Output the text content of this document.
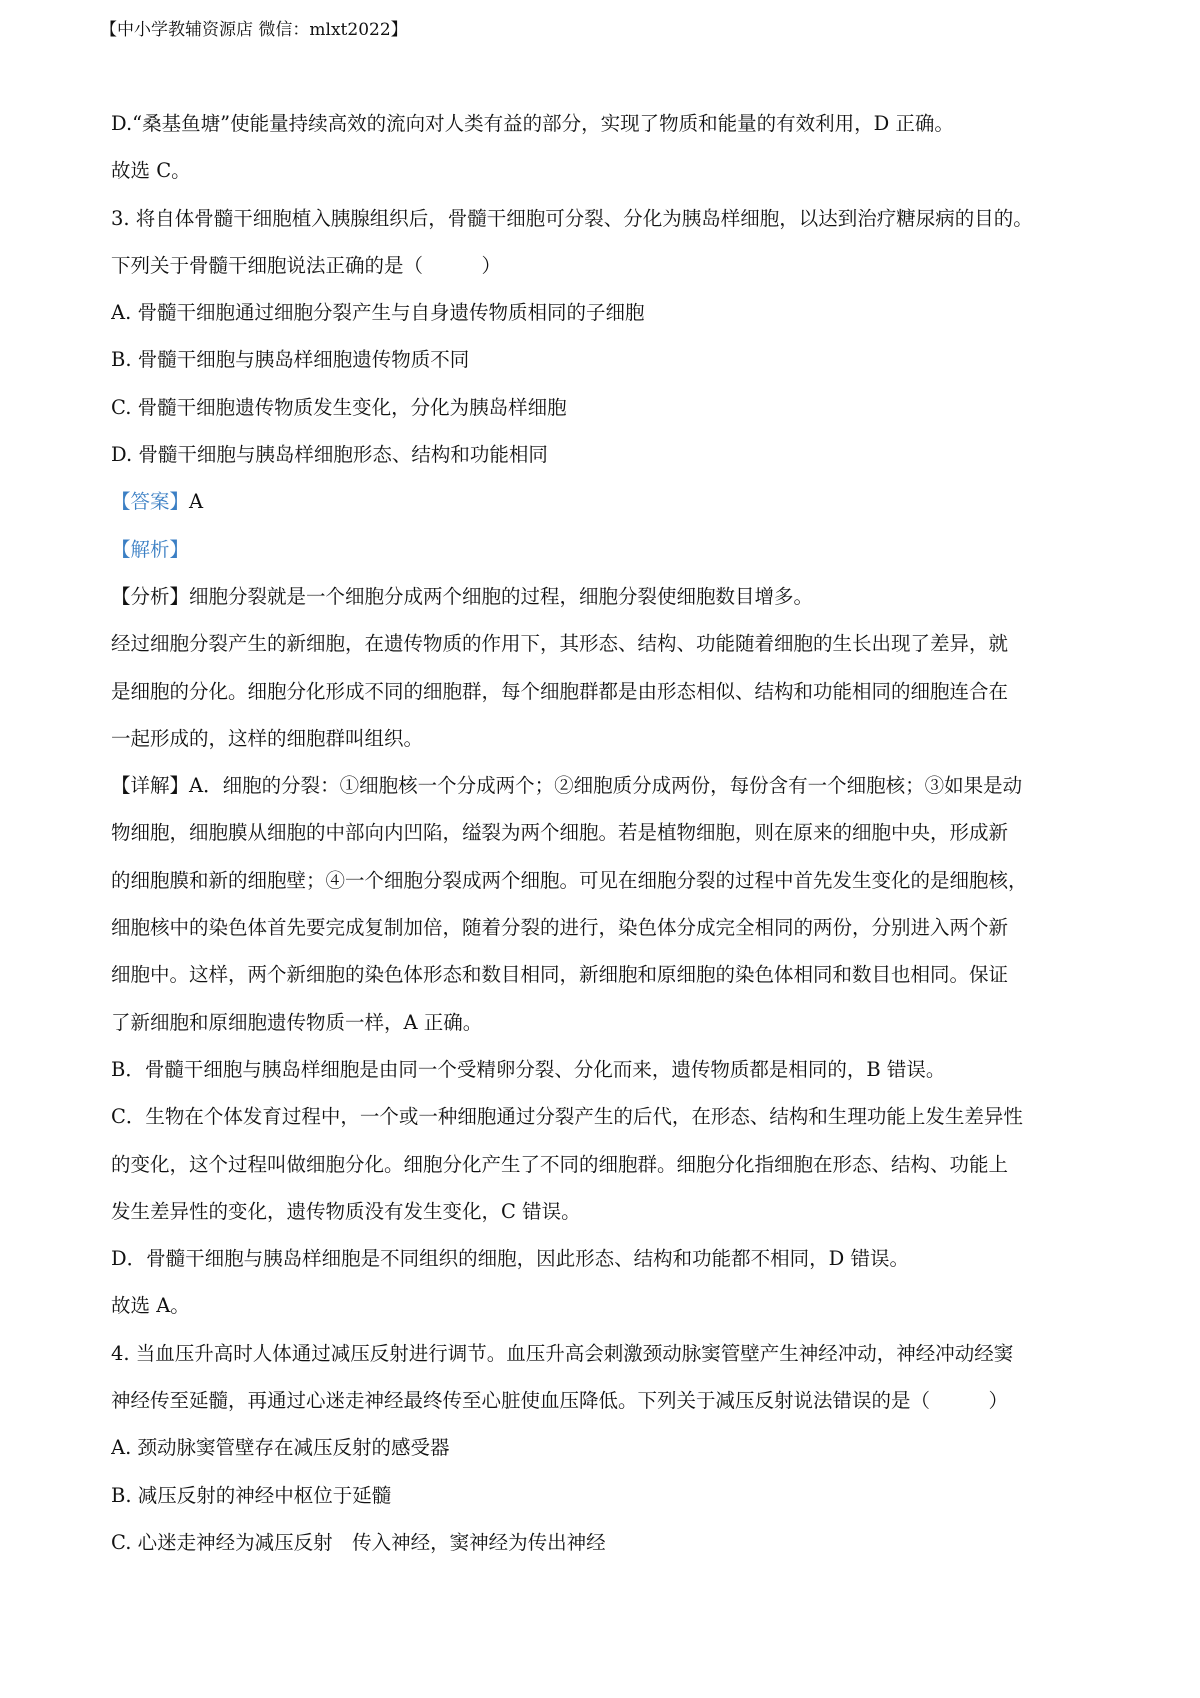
【中小学教辅资源店 微信：mlxt2022】
D.“桑基鱼塘”使能量持续高效的流向对人类有益的部分，实现了物质和能量的有效利用，D 正确。
故选 C。
3. 将自体骨髓干细胞植入胰腺组织后，骨髓干细胞可分裂、分化为胰岛样细胞，以达到治疗糖尿病的目的。
下列关于骨髓干细胞说法正确的是（　　　）
A. 骨髓干细胞通过细胞分裂产生与自身遗传物质相同的子细胞
B. 骨髓干细胞与胰岛样细胞遗传物质不同
C. 骨髓干细胞遗传物质发生变化，分化为胰岛样细胞
D. 骨髓干细胞与胰岛样细胞形态、结构和功能相同
【答案】A
【解析】
【分析】细胞分裂就是一个细胞分成两个细胞的过程，细胞分裂使细胞数目增多。
经过细胞分裂产生的新细胞，在遗传物质的作用下，其形态、结构、功能随着细胞的生长出现了差异，就
是细胞的分化。细胞分化形成不同的细胞群，每个细胞群都是由形态相似、结构和功能相同的细胞连合在
一起形成的，这样的细胞群叫组织。
【详解】A．细胞的分裂：①细胞核一个分成两个；②细胞质分成两份，每份含有一个细胞核；③如果是动
物细胞，细胞膜从细胞的中部向内凹陷，缢裂为两个细胞。若是植物细胞，则在原来的细胞中央，形成新
的细胞膜和新的细胞壁；④一个细胞分裂成两个细胞。可见在细胞分裂的过程中首先发生变化的是细胞核，
细胞核中的染色体首先要完成复制加倍，随着分裂的进行，染色体分成完全相同的两份，分别进入两个新
细胞中。这样，两个新细胞的染色体形态和数目相同，新细胞和原细胞的染色体相同和数目也相同。保证
了新细胞和原细胞遗传物质一样，A 正确。
B．骨髓干细胞与胰岛样细胞是由同一个受精卵分裂、分化而来，遗传物质都是相同的，B 错误。
C．生物在个体发育过程中，一个或一种细胞通过分裂产生的后代，在形态、结构和生理功能上发生差异性
的变化，这个过程叫做细胞分化。细胞分化产生了不同的细胞群。细胞分化指细胞在形态、结构、功能上
发生差异性的变化，遗传物质没有发生变化，C 错误。
D．骨髓干细胞与胰岛样细胞是不同组织的细胞，因此形态、结构和功能都不相同，D 错误。
故选 A。
4. 当血压升高时人体通过减压反射进行调节。血压升高会刺激颈动脉窦管壁产生神经冲动，神经冲动经窦
神经传至延髓，再通过心迷走神经最终传至心脏使血压降低。下列关于减压反射说法错误的是（　　　）
A. 颈动脉窦管壁存在减压反射的感受器
B. 减压反射的神经中枢位于延髓
C. 心迷走神经为减压反射　传入神经，窦神经为传出神经
